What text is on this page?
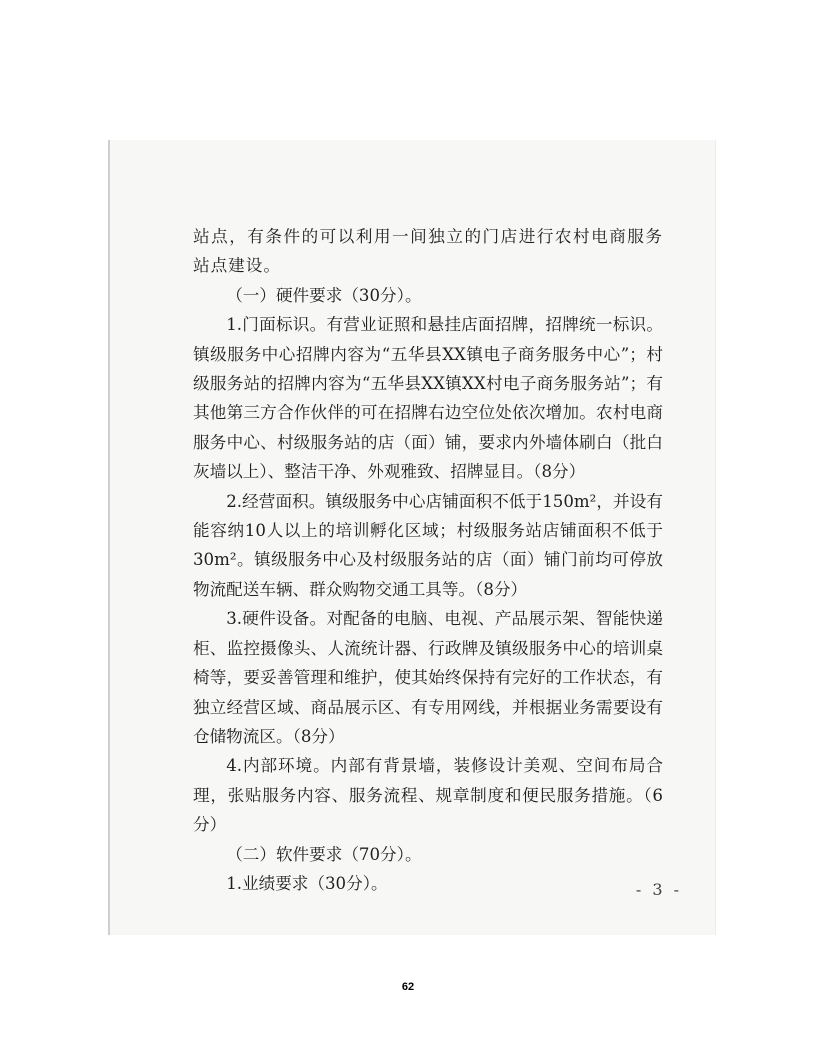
站点，有条件的可以利用一间独立的门店进行农村电商服务站点建设。

（一）硬件要求（30分）。

1.门面标识。有营业证照和悬挂店面招牌，招牌统一标识。镇级服务中心招牌内容为“五华县XX镇电子商务服务中心”；村级服务站的招牌内容为“五华县XX镇XX村电子商务服务站”；有其他第三方合作伙伴的可在招牌右边空位处依次增加。农村电商服务中心、村级服务站的店（面）铺，要求内外墙体刷白（批白灰墙以上）、整洁干净、外观雅致、招牌显目。（8分）

2.经营面积。镇级服务中心店铺面积不低于150m²，并设有能容纳10人以上的培训孵化区域；村级服务站店铺面积不低于30m²。镇级服务中心及村级服务站的店（面）铺门前均可停放物流配送车辆、群众购物交通工具等。（8分）

3.硬件设备。对配备的电脑、电视、产品展示架、智能快递柜、监控摄像头、人流统计器、行政牌及镇级服务中心的培训桌椅等，要妥善管理和维护，使其始终保持有完好的工作状态，有独立经营区域、商品展示区、有专用网线，并根据业务需要设有仓储物流区。（8分）

4.内部环境。内部有背景墙，装修设计美观、空间布局合理，张贴服务内容、服务流程、规章制度和便民服务措施。（6分）

（二）软件要求（70分）。

1.业绩要求（30分）。	- 3 -
62
